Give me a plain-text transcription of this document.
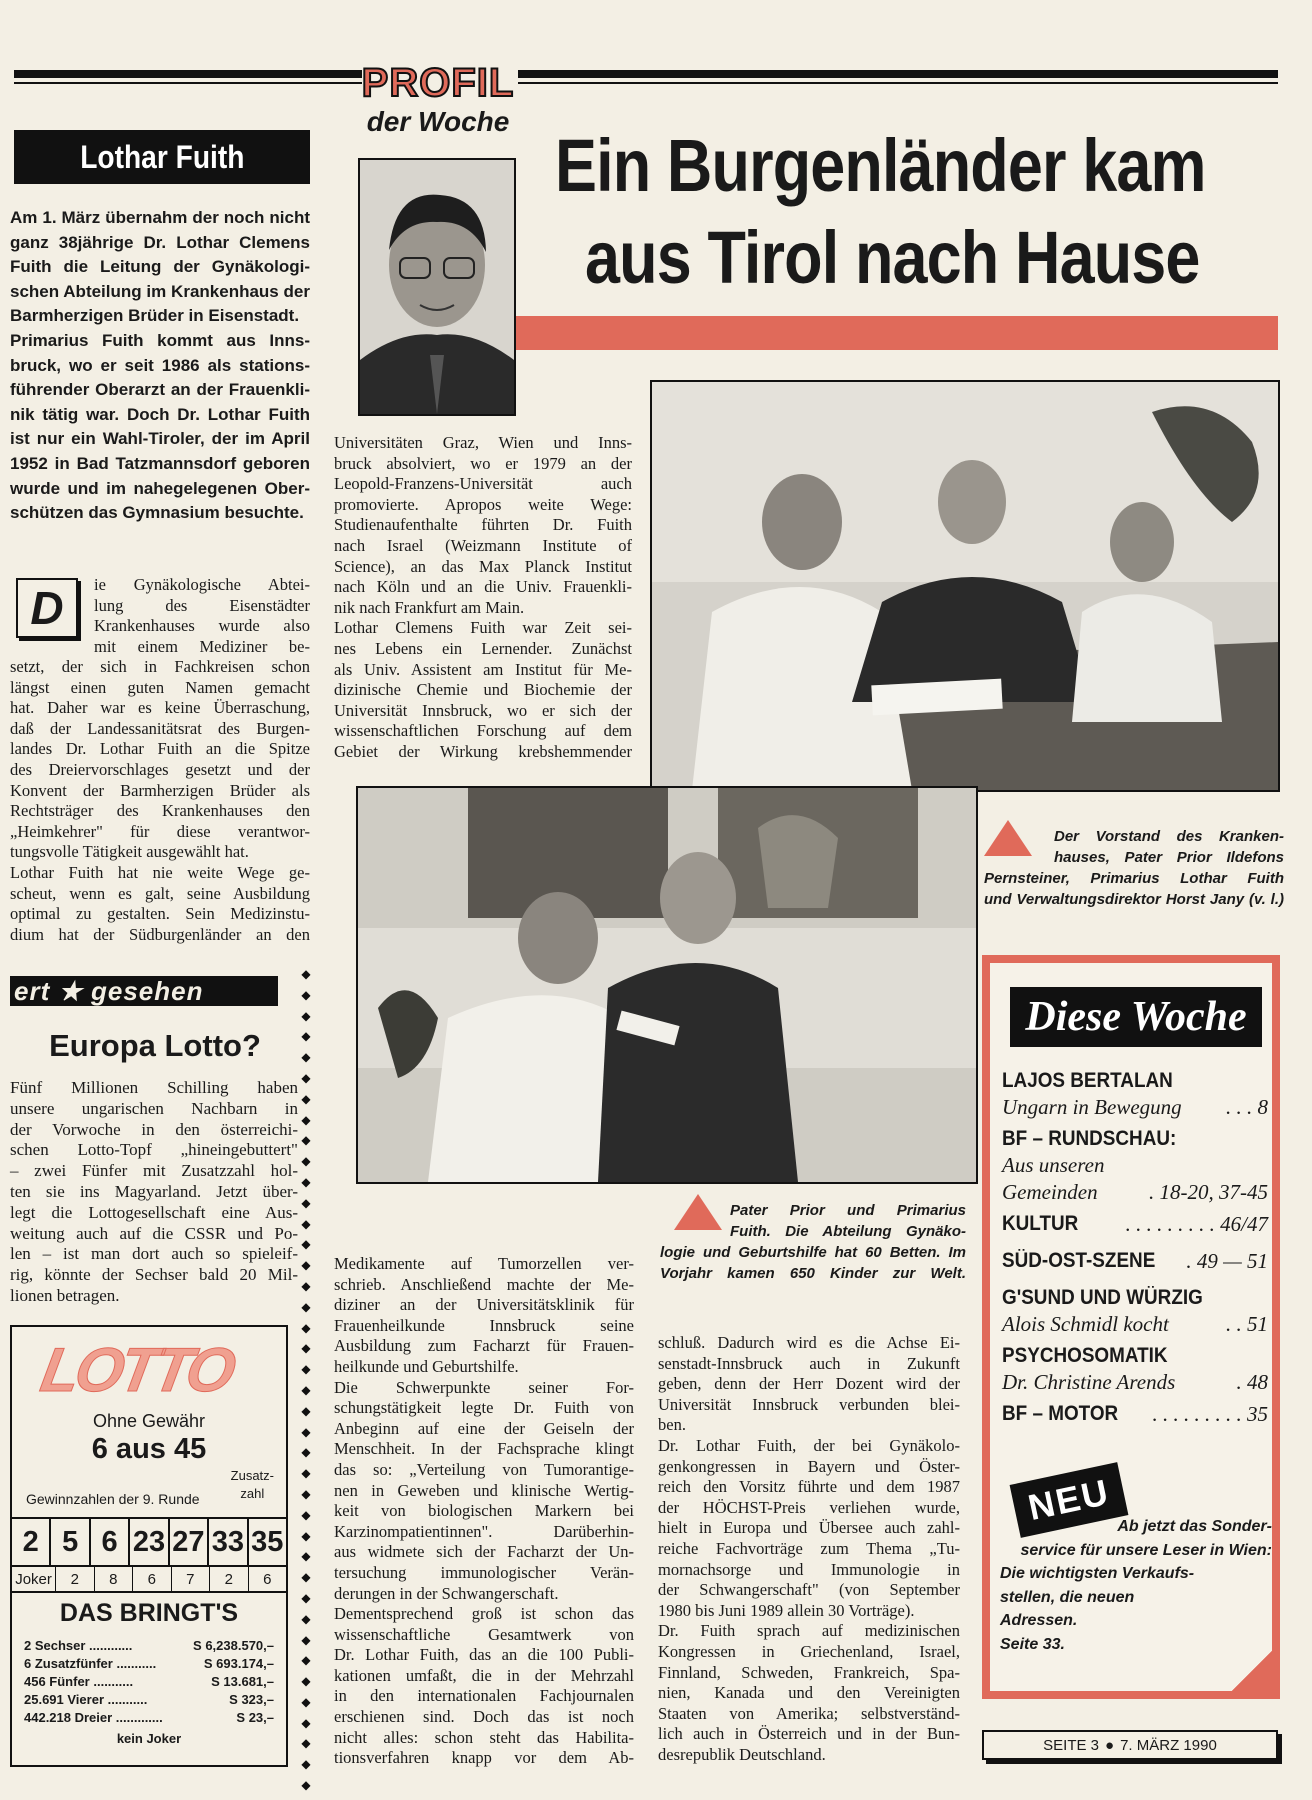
PROFIL
der Woche
Ein Burgenländer kam
aus Tirol nach Hause
Lothar Fuith
Am 1. März übernahm der noch nicht
ganz 38jährige Dr. Lothar Clemens
Fuith die Leitung der Gynäkologi-
schen Abteilung im Krankenhaus der
Barmherzigen Brüder in Eisenstadt.
Primarius Fuith kommt aus Inns-
bruck, wo er seit 1986 als stations-
führender Oberarzt an der Frauenkli-
nik tätig war. Doch Dr. Lothar Fuith
ist nur ein Wahl-Tiroler, der im April
1952 in Bad Tatzmannsdorf geboren
wurde und im nahegelegenen Ober-
schützen das Gymnasium besuchte.
D ie Gynäkologische Abtei-
lung des Eisenstädter
Krankenhauses wurde also
mit einem Mediziner be-
setzt, der sich in Fachkreisen schon
längst einen guten Namen gemacht
hat. Daher war es keine Überraschung,
daß der Landessanitätsrat des Burgen-
landes Dr. Lothar Fuith an die Spitze
des Dreiervorschlages gesetzt und der
Konvent der Barmherzigen Brüder als
Rechtsträger des Krankenhauses den
„Heimkehrer" für diese verantwor-
tungsvolle Tätigkeit ausgewählt hat.
Lothar Fuith hat nie weite Wege ge-
scheut, wenn es galt, seine Ausbildung
optimal zu gestalten. Sein Medizinstu-
dium hat der Südburgenländer an den
ert ★ gesehen
◆
◆
◆
◆
◆
◆
◆
◆
◆
◆
◆
◆
◆
◆
◆
◆
◆
◆
◆
◆
◆
◆
◆
◆
◆
◆
◆
◆
◆
◆
◆
◆
◆
◆
◆
◆
◆
◆
◆
◆
Europa Lotto?
Fünf Millionen Schilling haben
unsere ungarischen Nachbarn in
der Vorwoche in den österreichi-
schen Lotto-Topf „hineingebuttert"
– zwei Fünfer mit Zusatzzahl hol-
ten sie ins Magyarland. Jetzt über-
legt die Lottogesellschaft eine Aus-
weitung auch auf die CSSR und Po-
len – ist man dort auch so spieleif-
rig, könnte der Sechser bald 20 Mil-
lionen betragen.
LOTTO
Ohne Gewähr
6 aus 45
Zusatz-
zahl
Gewinnzahlen der 9. Runde
2 5 6 23 27 33 35
Joker	2	8	6	7	2	6
DAS BRINGT'S
2 Sechser ............	S 6,238.570,–
6 Zusatzfünfer ...........	S 693.174,–
456 Fünfer ...........	S 13.681,–
25.691 Vierer ...........	S 323,–
442.218 Dreier .............	S 23,–
kein Joker
Universitäten Graz, Wien und Inns-
bruck absolviert, wo er 1979 an der
Leopold-Franzens-Universität auch
promovierte. Apropos weite Wege:
Studienaufenthalte führten Dr. Fuith
nach Israel (Weizmann Institute of
Science), an das Max Planck Institut
nach Köln und an die Univ. Frauenkli-
nik nach Frankfurt am Main.
Lothar Clemens Fuith war Zeit sei-
nes Lebens ein Lernender. Zunächst
als Univ. Assistent am Institut für Me-
dizinische Chemie und Biochemie der
Universität Innsbruck, wo er sich der
wissenschaftlichen Forschung auf dem
Gebiet der Wirkung krebshemmender
Medikamente auf Tumorzellen ver-
schrieb. Anschließend machte der Me-
diziner an der Universitätsklinik für
Frauenheilkunde Innsbruck seine
Ausbildung zum Facharzt für Frauen-
heilkunde und Geburtshilfe.
Die Schwerpunkte seiner For-
schungstätigkeit legte Dr. Fuith von
Anbeginn auf eine der Geiseln der
Menschheit. In der Fachsprache klingt
das so: „Verteilung von Tumorantige-
nen in Geweben und klinische Wertig-
keit von biologischen Markern bei
Karzinompatientinnen". Darüberhin-
aus widmete sich der Facharzt der Un-
tersuchung immunologischer Verän-
derungen in der Schwangerschaft.
Dementsprechend groß ist schon das
wissenschaftliche Gesamtwerk von
Dr. Lothar Fuith, das an die 100 Publi-
kationen umfaßt, die in der Mehrzahl
in den internationalen Fachjournalen
erschienen sind. Doch das ist noch
nicht alles: schon steht das Habilita-
tionsverfahren knapp vor dem Ab-
schluß. Dadurch wird es die Achse Ei-
senstadt-Innsbruck auch in Zukunft
geben, denn der Herr Dozent wird der
Universität Innsbruck verbunden blei-
ben.
Dr. Lothar Fuith, der bei Gynäkolo-
genkongressen in Bayern und Öster-
reich den Vorsitz führte und dem 1987
der HÖCHST-Preis verliehen wurde,
hielt in Europa und Übersee auch zahl-
reiche Fachvorträge zum Thema „Tu-
mornachsorge und Immunologie in
der Schwangerschaft" (von September
1980 bis Juni 1989 allein 30 Vorträge).
Dr. Fuith sprach auf medizinischen
Kongressen in Griechenland, Israel,
Finnland, Schweden, Frankreich, Spa-
nien, Kanada und den Vereinigten
Staaten von Amerika; selbstverständ-
lich auch in Österreich und in der Bun-
desrepublik Deutschland.
Der Vorstand des Kranken-
hauses, Pater Prior Ildefons
Pernsteiner, Primarius Lothar Fuith
und Verwaltungsdirektor Horst Jany (v. l.)
Pater Prior und Primarius
Fuith. Die Abteilung Gynäko-
logie und Geburtshilfe hat 60 Betten. Im
Vorjahr kamen 650 Kinder zur Welt.
Diese Woche
LAJOS BERTALAN
Ungarn in Bewegung . . . 8
BF – RUNDSCHAU:
Aus unseren
Gemeinden . 18-20, 37-45
KULTUR . . . . . . . . . 46/47
SÜD-OST-SZENE . 49 — 51
G'SUND UND WÜRZIG
Alois Schmidl kocht	. . 51
PSYCHOSOMATIK
Dr. Christine Arends	. 48
BF – MOTOR . . . . . . . . . 35
NEU Ab jetzt das Sonder-
service für unsere Leser in Wien:
Die wichtigsten Verkaufs-
stellen, die neuen
Adressen.
Seite 33.
SEITE 3 ● 7. MÄRZ 1990
